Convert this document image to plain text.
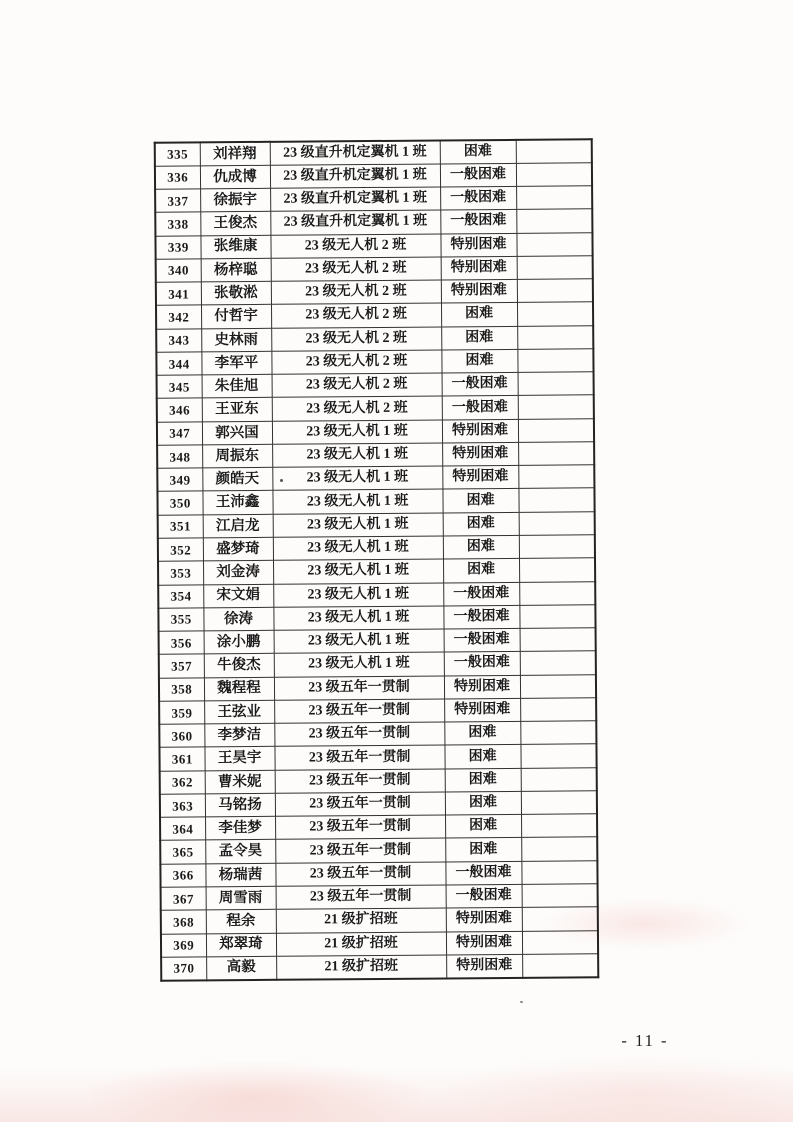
335	刘祥翔	23 级直升机定翼机 1 班	困难	
336	仇成博	23 级直升机定翼机 1 班	一般困难	
337	徐振宇	23 级直升机定翼机 1 班	一般困难	
338	王俊杰	23 级直升机定翼机 1 班	一般困难	
339	张维康	23 级无人机 2 班	特别困难	
340	杨梓聪	23 级无人机 2 班	特别困难	
341	张敬淞	23 级无人机 2 班	特别困难	
342	付哲宇	23 级无人机 2 班	困难	
343	史林雨	23 级无人机 2 班	困难	
344	李军平	23 级无人机 2 班	困难	
345	朱佳旭	23 级无人机 2 班	一般困难	
346	王亚东	23 级无人机 2 班	一般困难	
347	郭兴国	23 级无人机 1 班	特别困难	
348	周振东	23 级无人机 1 班	特别困难	
349	颜皓天	23 级无人机 1 班	特别困难	
350	王沛鑫	23 级无人机 1 班	困难	
351	江启龙	23 级无人机 1 班	困难	
352	盛梦琦	23 级无人机 1 班	困难	
353	刘金涛	23 级无人机 1 班	困难	
354	宋文娟	23 级无人机 1 班	一般困难	
355	徐涛	23 级无人机 1 班	一般困难	
356	涂小鹏	23 级无人机 1 班	一般困难	
357	牛俊杰	23 级无人机 1 班	一般困难	
358	魏程程	23 级五年一贯制	特别困难	
359	王弦业	23 级五年一贯制	特别困难	
360	李梦洁	23 级五年一贯制	困难	
361	王昊宇	23 级五年一贯制	困难	
362	曹米妮	23 级五年一贯制	困难	
363	马铭扬	23 级五年一贯制	困难	
364	李佳梦	23 级五年一贯制	困难	
365	孟令昊	23 级五年一贯制	困难	
366	杨瑞茜	23 级五年一贯制	一般困难	
367	周雪雨	23 级五年一贯制	一般困难	
368	程余	21 级扩招班	特别困难	
369	郑翠琦	21 级扩招班	特别困难	
370	高毅	21 级扩招班	特别困难	
- 11 -
